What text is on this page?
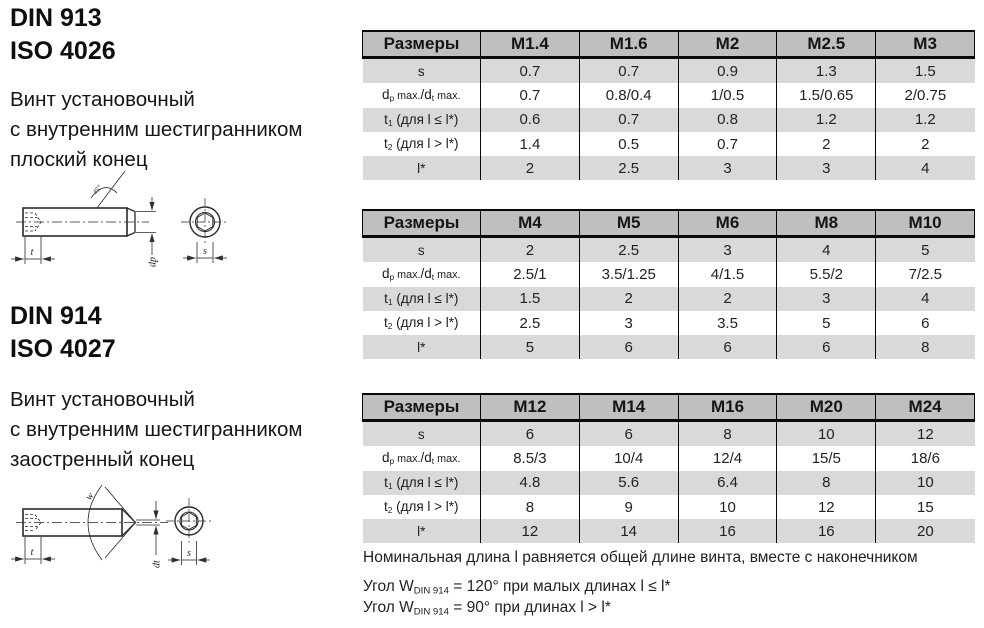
DIN 913
ISO 4026
Винт установочный
с внутренним шестигранником
плоский конец
45°
t
dp
s
DIN 914
ISO 4027
Винт установочный
с внутренним шестигранником
заостренный конец
w
t
dt
s
Размеры	M1.4	M1.6	M2	M2.5	M3
s	0.7	0.7	0.9	1.3	1.5
$d_p$ $\max./d_t$ max.	0.7	0.8/0.4	1/0.5	1.5/0.65	2/0.75
$t_1$ (для l ≤ l*)	0.6	0.7	0.8	1.2	1.2
$t_2$ (для l > l*)	1.4	0.5	0.7	2	2
l*	2	2.5	3	3	4
Размеры	M4	M5	M6	M8	M10
s	2	2.5	3	4	5
$d_p$ $\max./d_t$ max.	2.5/1	3.5/1.25	4/1.5	5.5/2	7/2.5
$t_1$ (для l ≤ l*)	1.5	2	2	3	4
$t_2$ (для l > l*)	2.5	3	3.5	5	6
l*	5	6	6	6	8
Размеры	M12	M14	M16	M20	M24
s	6	6	8	10	12
$d_p$ $\max./d_t$ max.	8.5/3	10/4	12/4	15/5	18/6
$t_1$ (для l ≤ l*)	4.8	5.6	6.4	8	10
$t_2$ (для l > l*)	8	9	10	12	15
l*	12	14	16	16	20
Номинальная длина l равняется общей длине винта, вместе с наконечником
Угол $W_{DIN 914} = 120^\circ$ при малых длинах l ≤ l*
Угол $W_{DIN 914} = 90^\circ$ при длинах l > l*
